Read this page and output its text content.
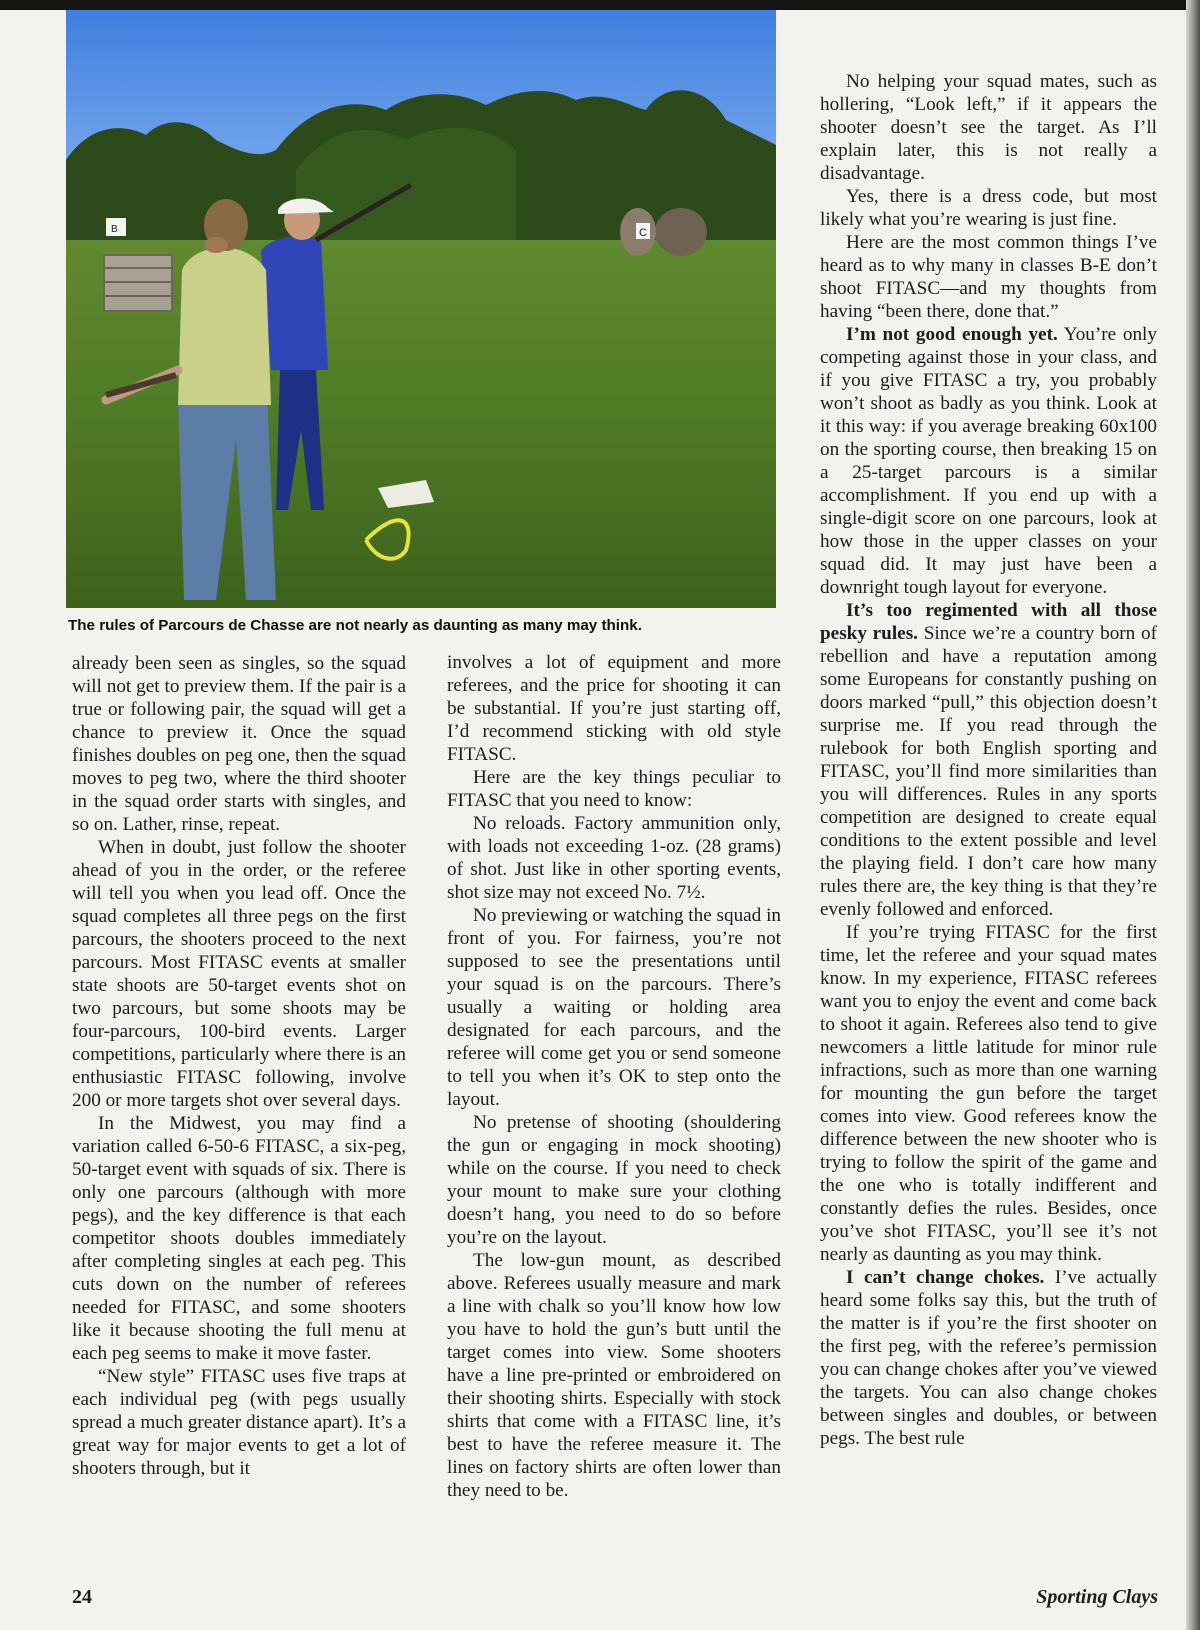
B	C
The rules of Parcours de Chasse are not nearly as daunting as many may think.

already been seen as singles, so the squad will not get to preview them. If the pair is a true or following pair, the squad will get a chance to preview it. Once the squad finishes doubles on peg one, then the squad moves to peg two, where the third shooter in the squad order starts with singles, and so on. Lather, rinse, repeat.

When in doubt, just follow the shooter ahead of you in the order, or the referee will tell you when you lead off. Once the squad completes all three pegs on the first parcours, the shooters proceed to the next parcours. Most FITASC events at smaller state shoots are 50-target events shot on two parcours, but some shoots may be four-parcours, 100-bird events. Larger competitions, particularly where there is an enthusiastic FITASC following, involve 200 or more targets shot over several days.

In the Midwest, you may find a variation called 6-50-6 FITASC, a six-peg, 50-target event with squads of six. There is only one parcours (although with more pegs), and the key difference is that each competitor shoots doubles immediately after completing singles at each peg. This cuts down on the number of referees needed for FITASC, and some shooters like it because shooting the full menu at each peg seems to make it move faster.

“New style” FITASC uses five traps at each individual peg (with pegs usually spread a much greater distance apart). It’s a great way for major events to get a lot of shooters through, but it

involves a lot of equipment and more referees, and the price for shooting it can be substantial. If you’re just starting off, I’d recommend sticking with old style FITASC.

Here are the key things peculiar to FITASC that you need to know:

No reloads. Factory ammunition only, with loads not exceeding 1-oz. (28 grams) of shot. Just like in other sporting events, shot size may not exceed No. 7½.

No previewing or watching the squad in front of you. For fairness, you’re not supposed to see the presentations until your squad is on the parcours. There’s usually a waiting or holding area designated for each parcours, and the referee will come get you or send someone to tell you when it’s OK to step onto the layout.

No pretense of shooting (shouldering the gun or engaging in mock shooting) while on the course. If you need to check your mount to make sure your clothing doesn’t hang, you need to do so before you’re on the layout.

The low-gun mount, as described above. Referees usually measure and mark a line with chalk so you’ll know how low you have to hold the gun’s butt until the target comes into view. Some shooters have a line pre-printed or embroidered on their shooting shirts. Especially with stock shirts that come with a FITASC line, it’s best to have the referee measure it. The lines on factory shirts are often lower than they need to be.

No helping your squad mates, such as hollering, “Look left,” if it appears the shooter doesn’t see the target. As I’ll explain later, this is not really a disadvantage.

Yes, there is a dress code, but most likely what you’re wearing is just fine.

Here are the most common things I’ve heard as to why many in classes B-E don’t shoot FITASC—and my thoughts from having “been there, done that.”

I’m not good enough yet. You’re only competing against those in your class, and if you give FITASC a try, you probably won’t shoot as badly as you think. Look at it this way: if you average breaking 60x100 on the sporting course, then breaking 15 on a 25-target parcours is a similar accomplishment. If you end up with a single-digit score on one parcours, look at how those in the upper classes on your squad did. It may just have been a downright tough layout for everyone.

It’s too regimented with all those pesky rules. Since we’re a country born of rebellion and have a reputation among some Europeans for constantly pushing on doors marked “pull,” this objection doesn’t surprise me. If you read through the rulebook for both English sporting and FITASC, you’ll find more similarities than you will differences. Rules in any sports competition are designed to create equal conditions to the extent possible and level the playing field. I don’t care how many rules there are, the key thing is that they’re evenly followed and enforced.

If you’re trying FITASC for the first time, let the referee and your squad mates know. In my experience, FITASC referees want you to enjoy the event and come back to shoot it again. Referees also tend to give newcomers a little latitude for minor rule infractions, such as more than one warning for mounting the gun before the target comes into view. Good referees know the difference between the new shooter who is trying to follow the spirit of the game and the one who is totally indifferent and constantly defies the rules. Besides, once you’ve shot FITASC, you’ll see it’s not nearly as daunting as you may think.

I can’t change chokes. I’ve actually heard some folks say this, but the truth of the matter is if you’re the first shooter on the first peg, with the referee’s permission you can change chokes after you’ve viewed the targets. You can also change chokes between singles and doubles, or between pegs. The best rule

24	Sporting Clays
